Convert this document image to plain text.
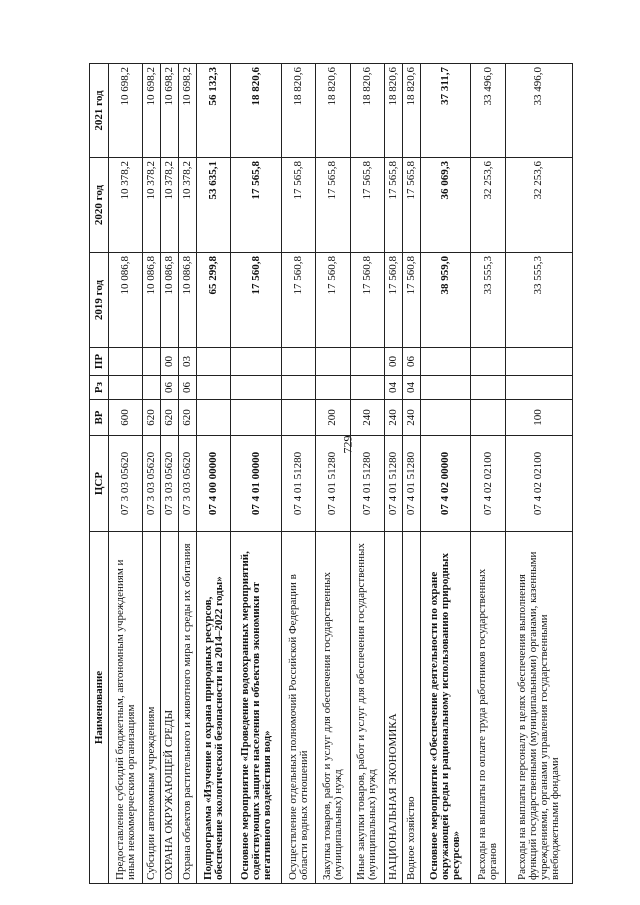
729
Наименование	ЦСР	ВР	Рз	ПР	2019 год	2020 год	2021 год
Предоставление субсидий бюджетным, автономным учреждениям и иным некоммерческим организациям	07 3 03 05620	600			10 086,8	10 378,2	10 698,2
Субсидии автономным учреждениям	07 3 03 05620	620			10 086,8	10 378,2	10 698,2
ОХРАНА ОКРУЖАЮЩЕЙ СРЕДЫ	07 3 03 05620	620	06	00	10 086,8	10 378,2	10 698,2
Охрана объектов растительного и животного мира и среды их обитания	07 3 03 05620	620	06	03	10 086,8	10 378,2	10 698,2
Подпрограмма «Изучение и охрана природных ресурсов, обеспечение экологической безопасности на 2014–2022 годы»	07 4 00 00000				65 299,8	53 635,1	56 132,3
Основное мероприятие «Проведение водоохранных мероприятий, содействующих защите населения и объектов экономики от негативного воздействия вод»	07 4 01 00000				17 560,8	17 565,8	18 820,6
Осуществление отдельных полномочий Российской Федерации в области водных отношений	07 4 01 51280				17 560,8	17 565,8	18 820,6
Закупка товаров, работ и услуг для обеспечения государственных (муниципальных) нужд	07 4 01 51280	200			17 560,8	17 565,8	18 820,6
Иные закупки товаров, работ и услуг для обеспечения государственных (муниципальных) нужд	07 4 01 51280	240			17 560,8	17 565,8	18 820,6
НАЦИОНАЛЬНАЯ ЭКОНОМИКА	07 4 01 51280	240	04	00	17 560,8	17 565,8	18 820,6
Водное хозяйство	07 4 01 51280	240	04	06	17 560,8	17 565,8	18 820,6
Основное мероприятие «Обеспечение деятельности по охране окружающей среды и рациональному использованию природных ресурсов»	07 4 02 00000				38 959,0	36 069,3	37 311,7
Расходы на выплаты по оплате труда работников государственных органов	07 4 02 02100				33 555,3	32 253,6	33 496,0
Расходы на выплаты персоналу в целях обеспечения выполнения функций государственными (муниципальными) органами, казенными учреждениями, органами управления государственными внебюджетными фондами	07 4 02 02100	100			33 555,3	32 253,6	33 496,0
